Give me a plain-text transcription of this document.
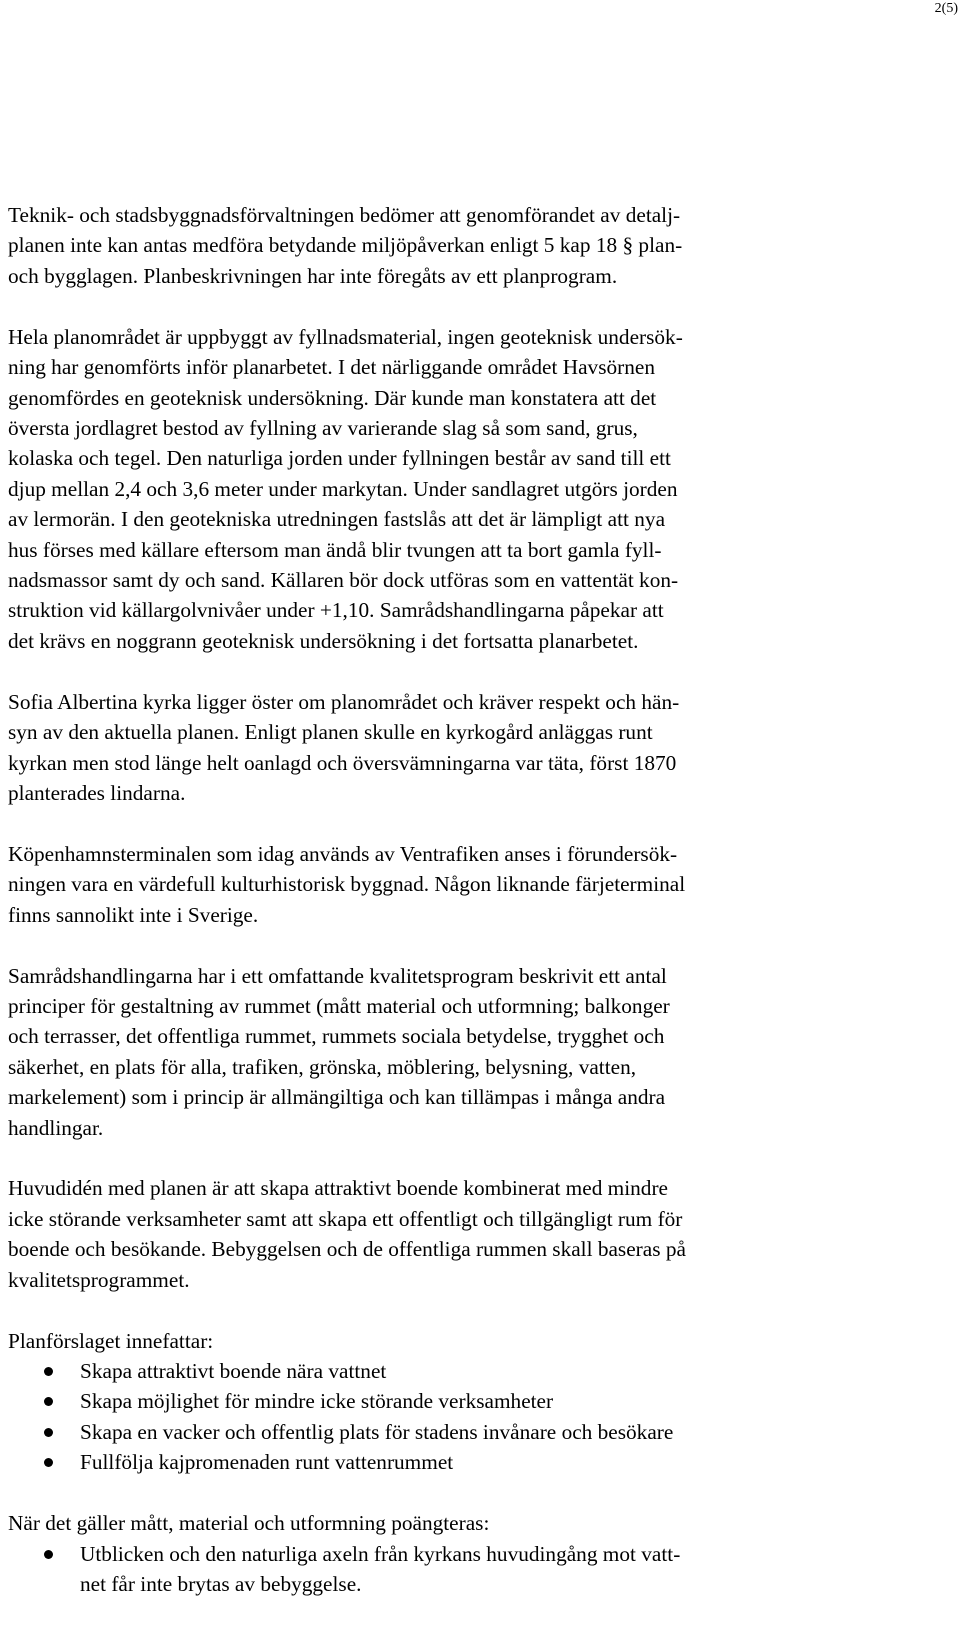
2(5)

Teknik- och stadsbyggnadsförvaltningen bedömer att genomförandet av detalj-
planen inte kan antas medföra betydande miljöpåverkan enligt 5 kap 18 § plan-
och bygglagen. Planbeskrivningen har inte föregåts av ett planprogram.

Hela planområdet är uppbyggt av fyllnadsmaterial, ingen geoteknisk undersök-
ning har genomförts inför planarbetet. I det närliggande området Havsörnen
genomfördes en geoteknisk undersökning. Där kunde man konstatera att det
översta jordlagret bestod av fyllning av varierande slag så som sand, grus,
kolaska och tegel. Den naturliga jorden under fyllningen består av sand till ett
djup mellan 2,4 och 3,6 meter under markytan. Under sandlagret utgörs jorden
av lermorän. I den geotekniska utredningen fastslås att det är lämpligt att nya
hus förses med källare eftersom man ändå blir tvungen att ta bort gamla fyll-
nadsmassor samt dy och sand. Källaren bör dock utföras som en vattentät kon-
struktion vid källargolvnivåer under +1,10. Samrådshandlingarna påpekar att
det krävs en noggrann geoteknisk undersökning i det fortsatta planarbetet.

Sofia Albertina kyrka ligger öster om planområdet och kräver respekt och hän-
syn av den aktuella planen. Enligt planen skulle en kyrkogård anläggas runt
kyrkan men stod länge helt oanlagd och översvämningarna var täta, först 1870
planterades lindarna.

Köpenhamnsterminalen som idag används av Ventrafiken anses i förundersök-
ningen vara en värdefull kulturhistorisk byggnad. Någon liknande färjeterminal
finns sannolikt inte i Sverige.

Samrådshandlingarna har i ett omfattande kvalitetsprogram beskrivit ett antal
principer för gestaltning av rummet (mått material och utformning; balkonger
och terrasser, det offentliga rummet, rummets sociala betydelse, trygghet och
säkerhet, en plats för alla, trafiken, grönska, möblering, belysning, vatten,
markelement) som i princip är allmängiltiga och kan tillämpas i många andra
handlingar.

Huvudidén med planen är att skapa attraktivt boende kombinerat med mindre
icke störande verksamheter samt att skapa ett offentligt och tillgängligt rum för
boende och besökande. Bebyggelsen och de offentliga rummen skall baseras på
kvalitetsprogrammet.

Planförslaget innefattar:

Skapa attraktivt boende nära vattnet
Skapa möjlighet för mindre icke störande verksamheter
Skapa en vacker och offentlig plats för stadens invånare och besökare
Fullfölja kajpromenaden runt vattenrummet

När det gäller mått, material och utformning poängteras:

Utblicken och den naturliga axeln från kyrkans huvudingång mot vatt-
net får inte brytas av bebyggelse.
